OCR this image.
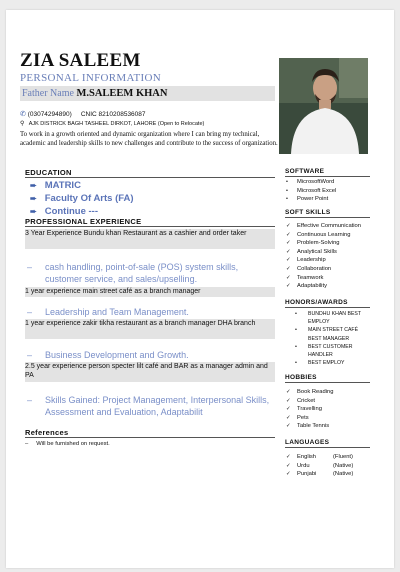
ZIA SALEEM
PERSONAL INFORMATION
Father Name M.SALEEM KHAN
✆ (03074294890) CNIC 8210208536087
⚲ AJK DISTRICK BAGH TASHEEL DIRKOT, LAHORE (Open to Relocate)
To work in a growth oriented and dynamic organization where I can bring my technical, academic and leadership skills to new challenges and contribute to the success of organization.
EDUCATION
➨ MATRIC
➨ Faculty Of Arts (FA)
➨ Continue ---
PROFESSIONAL EXPERIENCE
3 Year Experience Bundu khan Restaurant as a cashier and order taker
–	cash handling, point-of-sale (POS) system skills, customer service, and sales/upselling.
1 year experience main street café as a branch manager
–	Leadership and Team Management.
1 year experience zakir tikha restaurant as a branch manager DHA branch
–	Business Development and Growth.
2.5 year experience person specter lilt café and BAR as a manager admin and PA
–	Skills Gained: Project Management, Interpersonal Skills, Assessment and Evaluation, Adaptabilit
References
– Will be furnished on request.
SOFTWARE
• MicrosoftWord
• Microsoft Excel
• Power Point
SOFT SKILLS
✓ Effective Communication
✓ Continuous Learning
✓ Problem-Solving
✓ Analytical Skills
✓ Leadership
✓ Collaboration
✓ Teamwork
✓ Adaptability
HONORS/AWARDS
• BUNDHU KHAN BEST EMPLOY
• MAIN STREET CAFÉ BEST MANAGER
• BEST CUSTOMER HANDLER
• BEST EMPLOY
HOBBIES
✓ Book Reading
✓ Cricket
✓ Travelling
✓ Pets
✓ Table Tennis
LANGUAGES
✓ English	(Fluent)
✓ Urdu	(Native)
✓ Punjabi	(Native)
